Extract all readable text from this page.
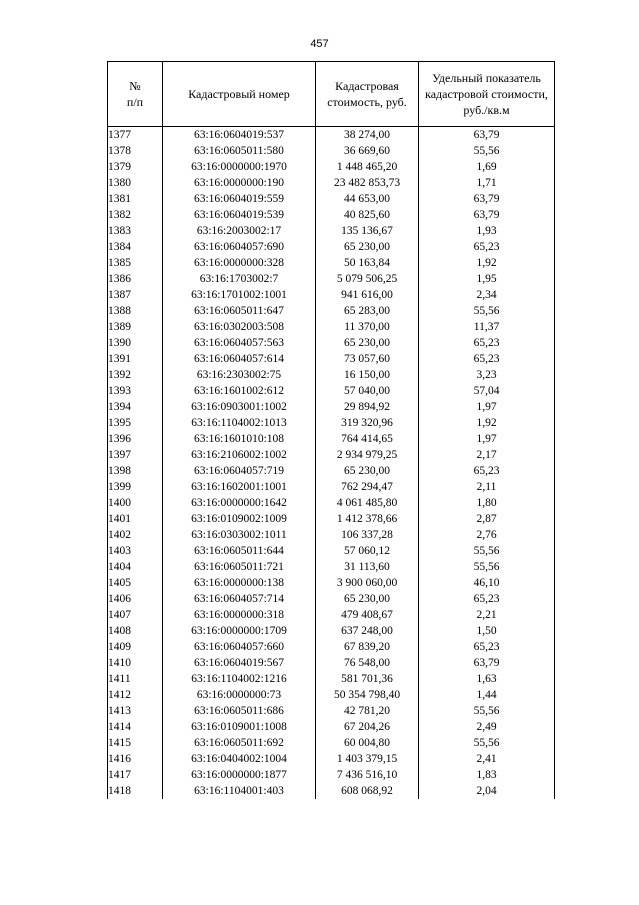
457
№
п/п	Кадастровый номер	Кадастровая стоимость, руб.	Удельный показатель кадастровой стоимости, руб./кв.м
1377	63:16:0604019:537	38 274,00	63,79
1378	63:16:0605011:580	36 669,60	55,56
1379	63:16:0000000:1970	1 448 465,20	1,69
1380	63:16:0000000:190	23 482 853,73	1,71
1381	63:16:0604019:559	44 653,00	63,79
1382	63:16:0604019:539	40 825,60	63,79
1383	63:16:2003002:17	135 136,67	1,93
1384	63:16:0604057:690	65 230,00	65,23
1385	63:16:0000000:328	50 163,84	1,92
1386	63:16:1703002:7	5 079 506,25	1,95
1387	63:16:1701002:1001	941 616,00	2,34
1388	63:16:0605011:647	65 283,00	55,56
1389	63:16:0302003:508	11 370,00	11,37
1390	63:16:0604057:563	65 230,00	65,23
1391	63:16:0604057:614	73 057,60	65,23
1392	63:16:2303002:75	16 150,00	3,23
1393	63:16:1601002:612	57 040,00	57,04
1394	63:16:0903001:1002	29 894,92	1,97
1395	63:16:1104002:1013	319 320,96	1,92
1396	63:16:1601010:108	764 414,65	1,97
1397	63:16:2106002:1002	2 934 979,25	2,17
1398	63:16:0604057:719	65 230,00	65,23
1399	63:16:1602001:1001	762 294,47	2,11
1400	63:16:0000000:1642	4 061 485,80	1,80
1401	63:16:0109002:1009	1 412 378,66	2,87
1402	63:16:0303002:1011	106 337,28	2,76
1403	63:16:0605011:644	57 060,12	55,56
1404	63:16:0605011:721	31 113,60	55,56
1405	63:16:0000000:138	3 900 060,00	46,10
1406	63:16:0604057:714	65 230,00	65,23
1407	63:16:0000000:318	479 408,67	2,21
1408	63:16:0000000:1709	637 248,00	1,50
1409	63:16:0604057:660	67 839,20	65,23
1410	63:16:0604019:567	76 548,00	63,79
1411	63:16:1104002:1216	581 701,36	1,63
1412	63:16:0000000:73	50 354 798,40	1,44
1413	63:16:0605011:686	42 781,20	55,56
1414	63:16:0109001:1008	67 204,26	2,49
1415	63:16:0605011:692	60 004,80	55,56
1416	63:16:0404002:1004	1 403 379,15	2,41
1417	63:16:0000000:1877	7 436 516,10	1,83
1418	63:16:1104001:403	608 068,92	2,04
